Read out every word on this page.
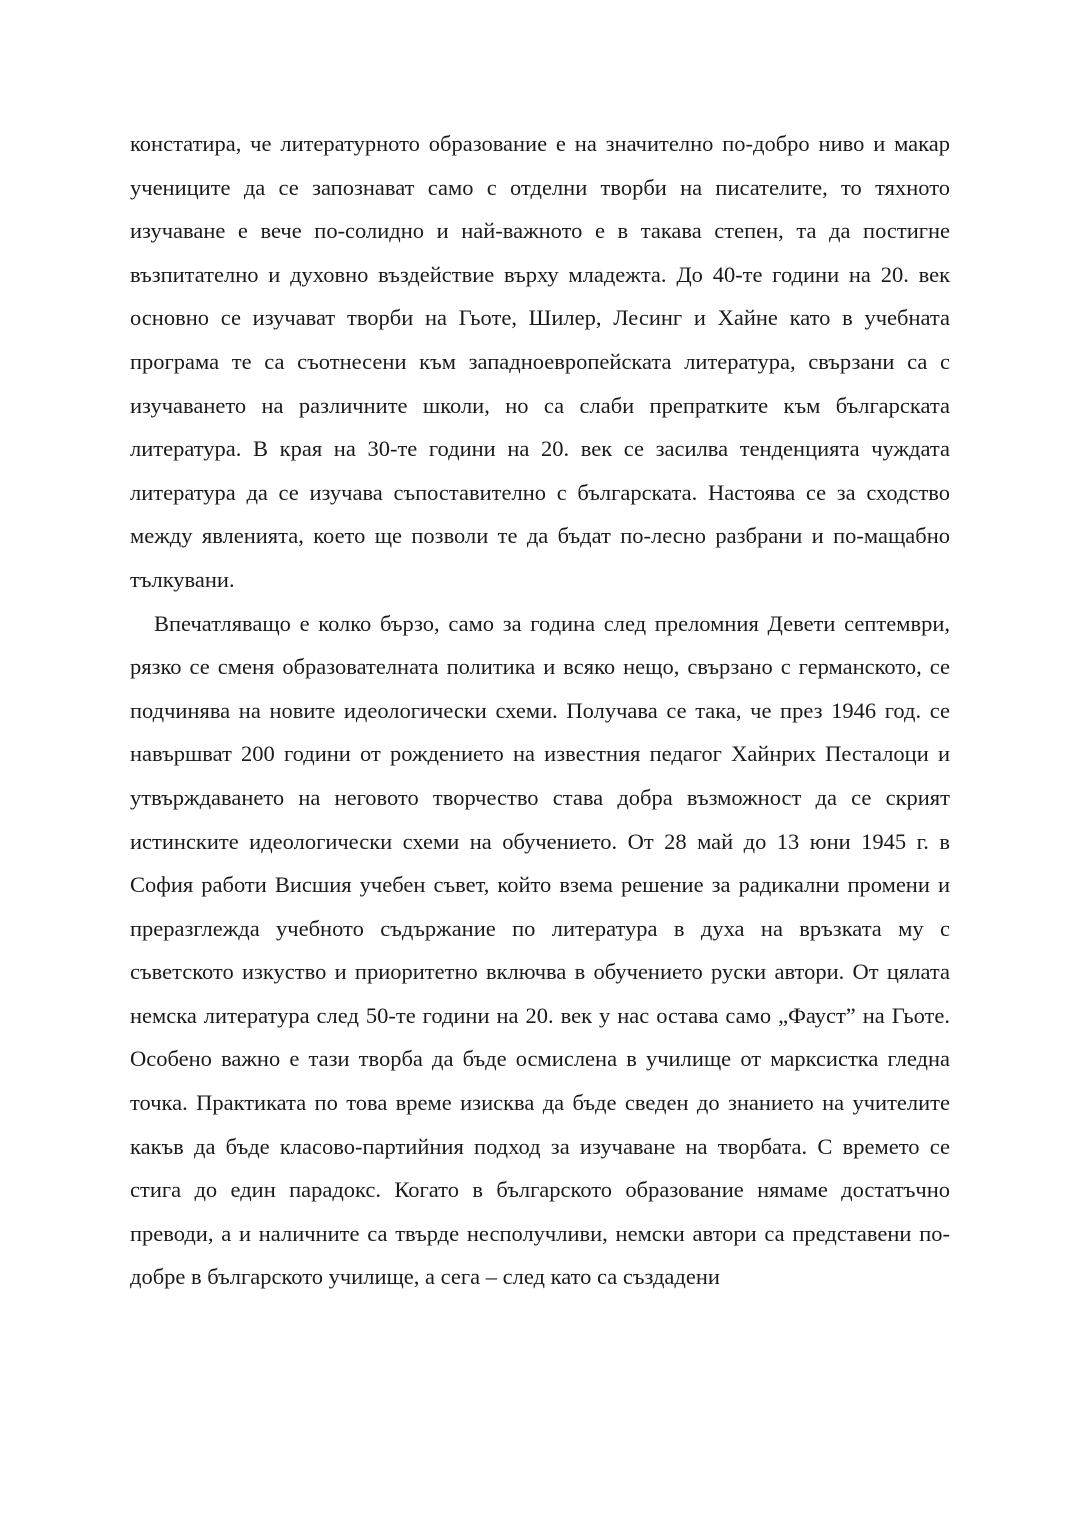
констатира, че литературното образование е на значително по-добро ниво и макар учениците да се запознават само с отделни творби на писателите, то тяхното изучаване е вече по-солидно и най-важното е в такава степен, та да постигне възпитателно и духовно въздействие върху младежта. До 40-те години на 20. век основно се изучават творби на Гьоте, Шилер, Лесинг и Хайне като в учебната програма те са съотнесени към западноевропейската литература, свързани са с изучаването на различните школи, но са слаби препратките към българската литература. В края на 30-те години на 20. век се засилва тенденцията чуждата литература да се изучава съпоставително с българската. Настоява се за сходство между явленията, което ще позволи те да бъдат по-лесно разбрани и по-мащабно тълкувани.

Впечатляващо е колко бързо, само за година след преломния Девети септември, рязко се сменя образователната политика и всяко нещо, свързано с германското, се подчинява на новите идеологически схеми. Получава се така, че през 1946 год. се навършват 200 години от рождението на известния педагог Хайнрих Песталоци и утвърждаването на неговото творчество става добра възможност да се скрият истинските идеологически схеми на обучението. От 28 май до 13 юни 1945 г. в София работи Висшия учебен съвет, който взема решение за радикални промени и преразглежда учебното съдържание по литература в духа на връзката му с съветското изкуство и приоритетно включва в обучението руски автори. От цялата немска литература след 50-те години на 20. век у нас остава само „Фауст” на Гьоте. Особено важно е тази творба да бъде осмислена в училище от марксистка гледна точка. Практиката по това време изисква да бъде сведен до знанието на учителите какъв да бъде класово-партийния подход за изучаване на творбата. С времето се стига до един парадокс. Когато в българското образование нямаме достатъчно преводи, а и наличните са твърде несполучливи, немски автори са представени по-добре в българското училище, а сега – след като са създадени
